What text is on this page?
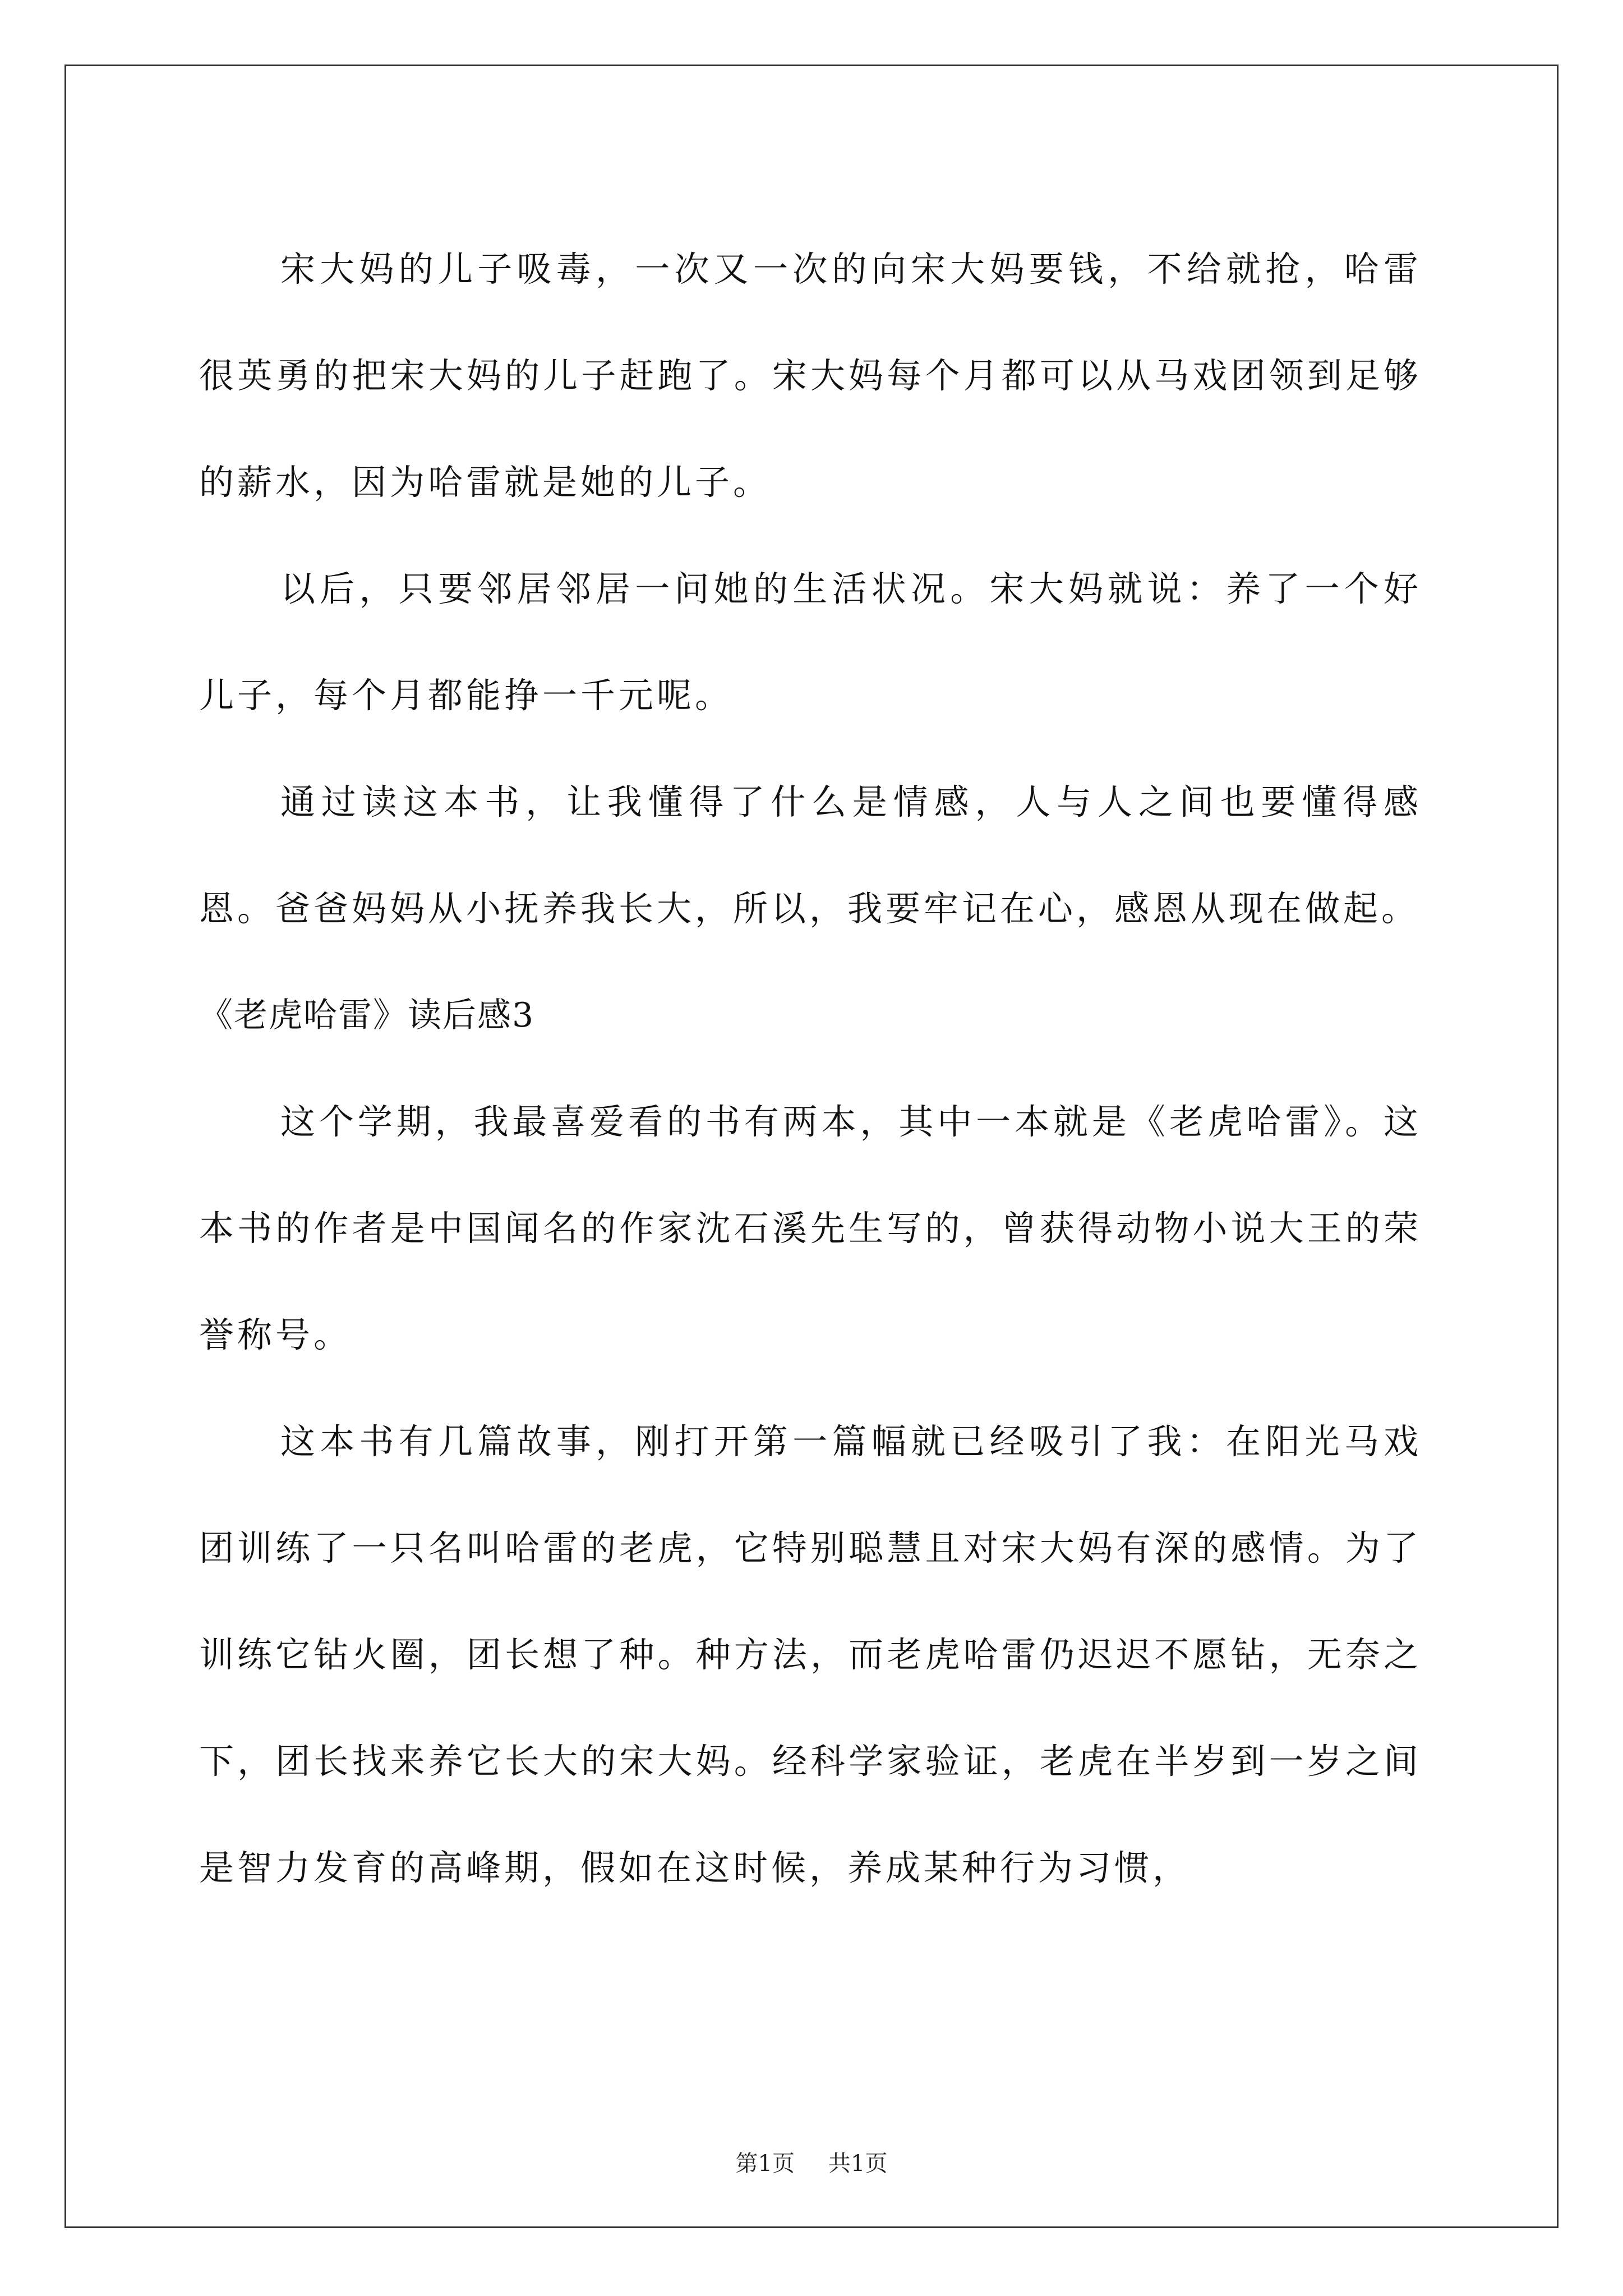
宋大妈的儿子吸毒，一次又一次的向宋大妈要钱，不给就抢，哈雷很英勇的把宋大妈的儿子赶跑了。宋大妈每个月都可以从马戏团领到足够的薪水，因为哈雷就是她的儿子。

以后，只要邻居邻居一问她的生活状况。宋大妈就说：养了一个好儿子，每个月都能挣一千元呢。

通过读这本书，让我懂得了什么是情感，人与人之间也要懂得感恩。爸爸妈妈从小抚养我长大，所以，我要牢记在心，感恩从现在做起。

《老虎哈雷》读后感3

这个学期，我最喜爱看的书有两本，其中一本就是《老虎哈雷》。这本书的作者是中国闻名的作家沈石溪先生写的，曾获得动物小说大王的荣誉称号。

这本书有几篇故事，刚打开第一篇幅就已经吸引了我：在阳光马戏团训练了一只名叫哈雷的老虎，它特别聪慧且对宋大妈有深的感情。为了训练它钻火圈，团长想了种。种方法，而老虎哈雷仍迟迟不愿钻，无奈之下，团长找来养它长大的宋大妈。经科学家验证，老虎在半岁到一岁之间是智力发育的高峰期，假如在这时候，养成某种行为习惯，

第1页 共1页
